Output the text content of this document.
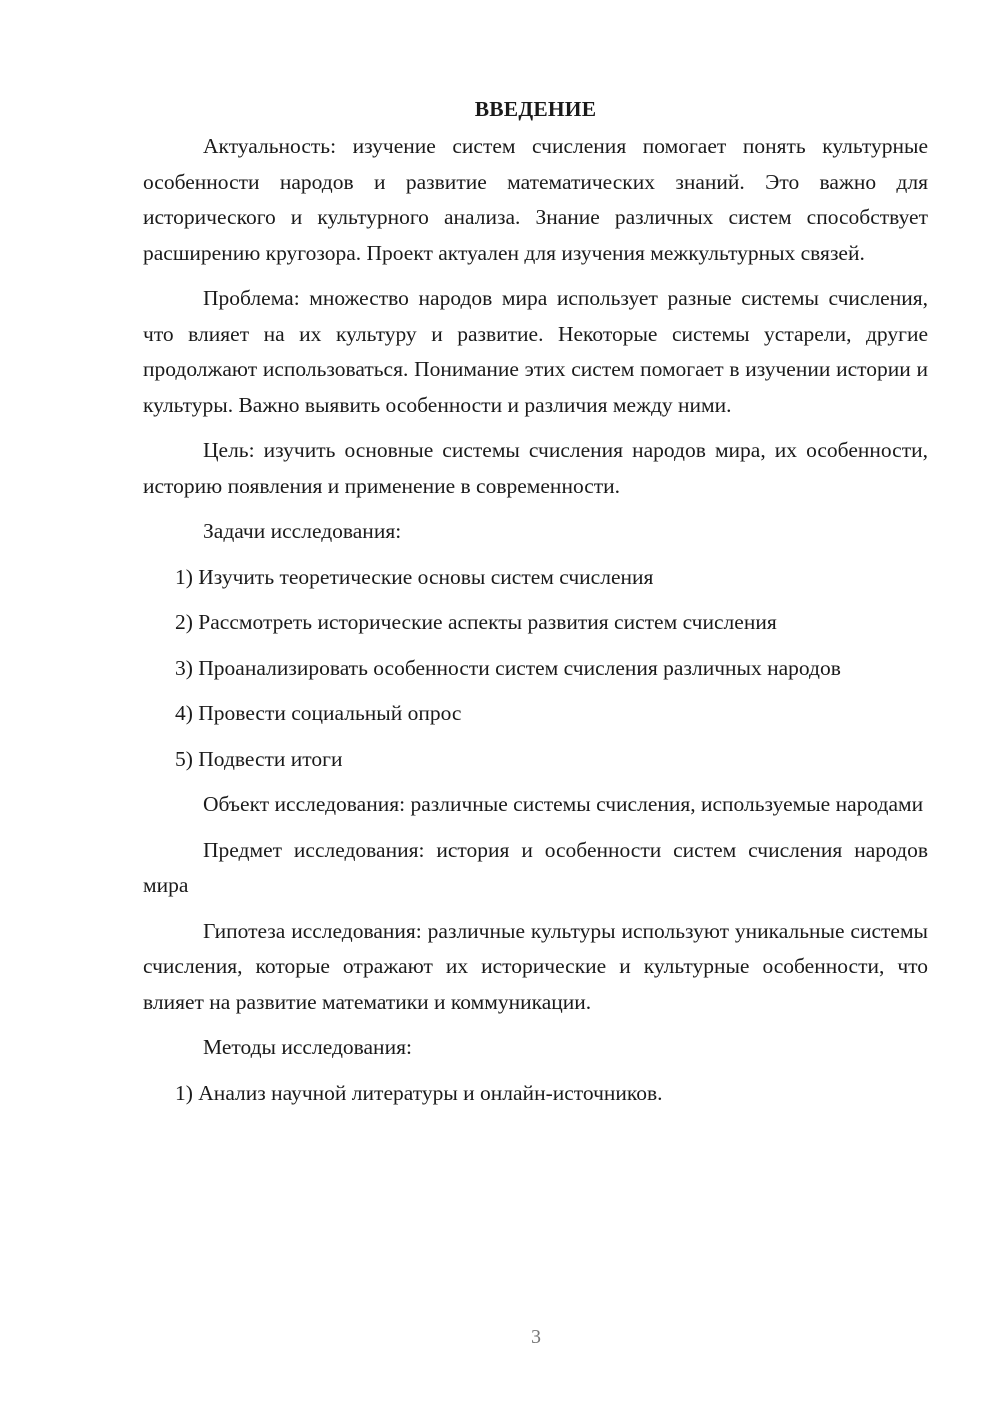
ВВЕДЕНИЕ

Актуальность: изучение систем счисления помогает понять культурные особенности народов и развитие математических знаний. Это важно для исторического и культурного анализа. Знание различных систем способствует расширению кругозора. Проект актуален для изучения межкультурных связей.

Проблема: множество народов мира использует разные системы счисления, что влияет на их культуру и развитие. Некоторые системы устарели, другие продолжают использоваться. Понимание этих систем помогает в изучении истории и культуры. Важно выявить особенности и различия между ними.

Цель: изучить основные системы счисления народов мира, их особенности, историю появления и применение в современности.

Задачи исследования:

1) Изучить теоретические основы систем счисления

2) Рассмотреть исторические аспекты развития систем счисления

3) Проанализировать особенности систем счисления различных народов

4) Провести социальный опрос

5) Подвести итоги

Объект исследования: различные системы счисления, используемые народами

Предмет исследования: история и особенности систем счисления народов мира

Гипотеза исследования: различные культуры используют уникальные системы счисления, которые отражают их исторические и культурные особенности, что влияет на развитие математики и коммуникации.

Методы исследования:

1) Анализ научной литературы и онлайн-источников.

3
